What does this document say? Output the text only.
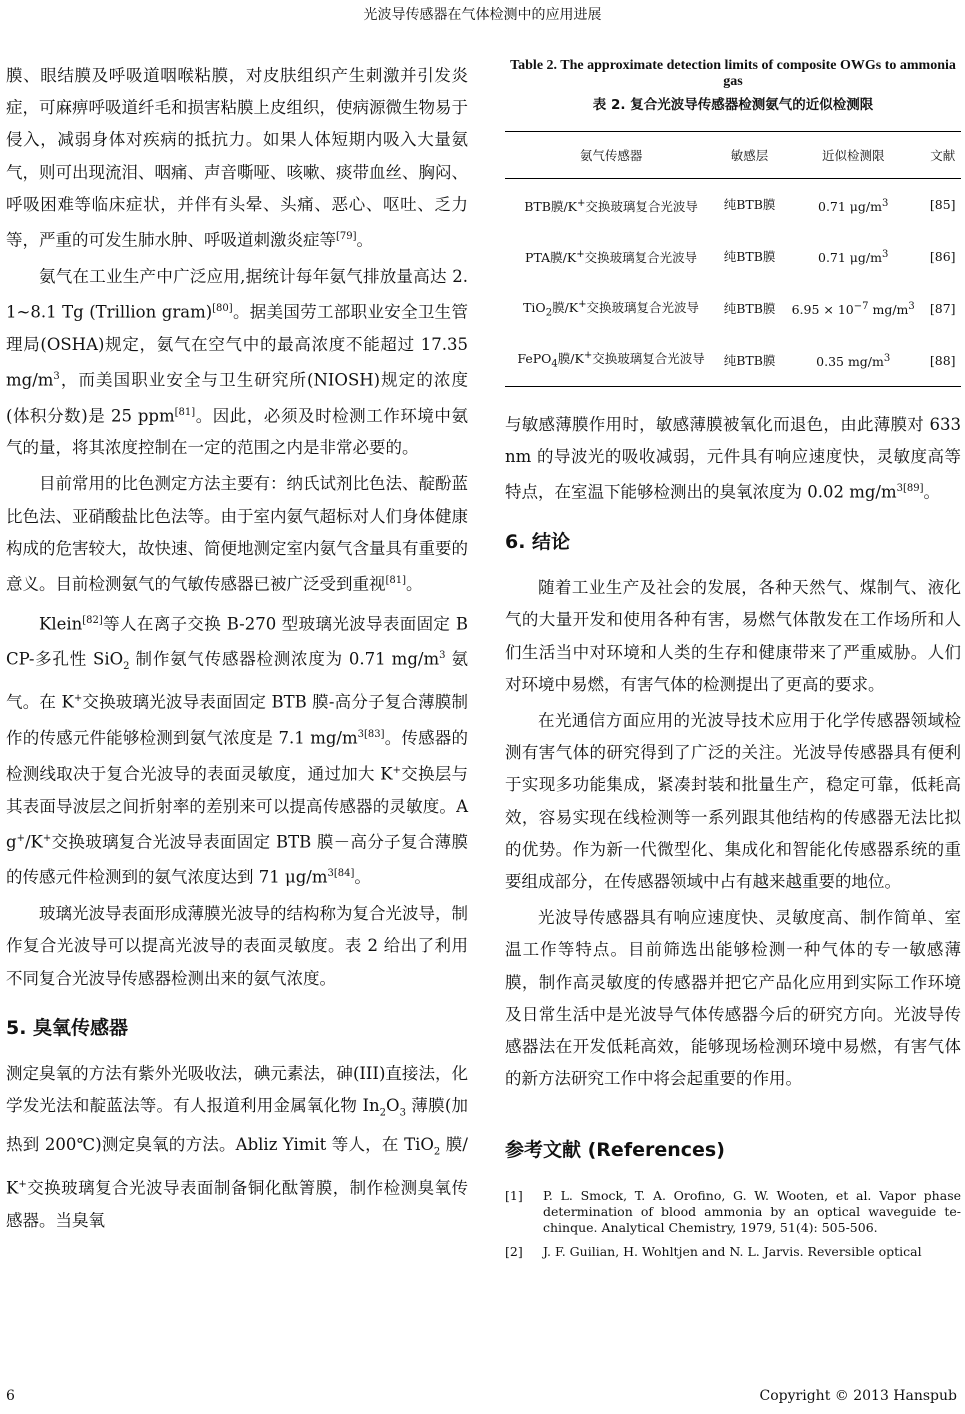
光波导传感器在气体检测中的应用进展

膜、眼结膜及呼吸道咽喉粘膜，对皮肤组织产生刺激并引发炎症，可麻痹呼吸道纤毛和损害粘膜上皮组织，使病源微生物易于侵入，减弱身体对疾病的抵抗力。如果人体短期内吸入大量氨气，则可出现流泪、咽痛、声音嘶哑、咳嗽、痰带血丝、胸闷、呼吸困难等临床症状，并伴有头晕、头痛、恶心、呕吐、乏力等，严重的可发生肺水肿、呼吸道刺激炎症等[79]。

氨气在工业生产中广泛应用,据统计每年氨气排放量高达 2.1~8.1 Tg (Trillion gram)[80]。据美国劳工部职业安全卫生管理局(OSHA)规定，氨气在空气中的最高浓度不能超过 17.35 $mg/m^3$，而美国职业安全与卫生研究所(NIOSH)规定的浓度(体积分数)是 25 ppm[81]。因此，必须及时检测工作环境中氨气的量，将其浓度控制在一定的范围之内是非常必要的。

目前常用的比色测定方法主要有：纳氏试剂比色法、靛酚蓝比色法、亚硝酸盐比色法等。由于室内氨气超标对人们身体健康构成的危害较大，故快速、简便地测定室内氨气含量具有重要的意义。目前检测氨气的气敏传感器已被广泛受到重视[81]。

Klein[82]等人在离子交换 B-270 型玻璃光波导表面固定 BCP-多孔性 SiO$_2$ 制作氨气传感器检测浓度为 0.71 $mg/m^3$ 氨气。在 K+交换玻璃光波导表面固定 BTB 膜-高分子复合薄膜制作的传感元件能够检测到氨气浓度是 7.1 $mg/m^{3[83]}$。传感器的检测线取决于复合光波导的表面灵敏度，通过加大 K+交换层与其表面导波层之间折射率的差别来可以提高传感器的灵敏度。Ag+/K+交换玻璃复合光波导表面固定 BTB 膜－高分子复合薄膜的传感元件检测到的氨气浓度达到 71 $\mu g/m^{3[84]}$。

玻璃光波导表面形成薄膜光波导的结构称为复合光波导，制作复合光波导可以提高光波导的表面灵敏度。表 2 给出了利用不同复合光波导传感器检测出来的氨气浓度。

5. 臭氧传感器

测定臭氧的方法有紫外光吸收法，碘元素法，砷(III)直接法，化学发光法和靛蓝法等。有人报道利用金属氧化物 $In_2O_3$ 薄膜(加热到 200℃)测定臭氧的方法。Abliz Yimit 等人，在 TiO$_2$ 膜/K+交换玻璃复合光波导表面制备铜化酞箐膜，制作检测臭氧传感器。当臭氧

Table 2. The approximate detection limits of composite OWGs to ammonia gas
表 2. 复合光波导传感器检测氨气的近似检测限
氨气传感器	敏感层	近似检测限	文献
BTB膜/K+交换玻璃复合光波导	纯BTB膜	0.71 $\mu g/m^3$	[85]
PTA膜/K+交换玻璃复合光波导	纯BTB膜	0.71 $\mu g/m^3$	[86]
TiO$_2$膜/K+交换玻璃复合光波导	纯BTB膜	$6.95 \times 10^{-7}$ $mg/m^3$	[87]
FePO$_4$膜/K+交换玻璃复合光波导	纯BTB膜	0.35 $mg/m^3$	[88]

与敏感薄膜作用时，敏感薄膜被氧化而退色，由此薄膜对 633 nm 的导波光的吸收减弱，元件具有响应速度快，灵敏度高等特点，在室温下能够检测出的臭氧浓度为 0.02 $mg/m^{3[89]}$。

6. 结论

随着工业生产及社会的发展，各种天然气、煤制气、液化气的大量开发和使用各种有害，易燃气体散发在工作场所和人们生活当中对环境和人类的生存和健康带来了严重威胁。人们对环境中易燃，有害气体的检测提出了更高的要求。

在光通信方面应用的光波导技术应用于化学传感器领域检测有害气体的研究得到了广泛的关注。光波导传感器具有便利于实现多功能集成，紧凑封装和批量生产，稳定可靠，低耗高效，容易实现在线检测等一系列跟其他结构的传感器无法比拟的优势。作为新一代微型化、集成化和智能化传感器系统的重要组成部分，在传感器领域中占有越来越重要的地位。

光波导传感器具有响应速度快、灵敏度高、制作简单、室温工作等特点。目前筛选出能够检测一种气体的专一敏感薄膜，制作高灵敏度的传感器并把它产品化应用到实际工作环境及日常生活中是光波导气体传感器今后的研究方向。光波导传感器法在开发低耗高效，能够现场检测环境中易燃，有害气体的新方法研究工作中将会起重要的作用。

参考文献 (References)
[1]	P. L. Smock, T. A. Orofino, G. W. Wooten, et al. Vapor phase determination of blood ammonia by an optical waveguide te-chinque. Analytical Chemistry, 1979, 51(4): 505-506.
[2]	J. F. Guilian, H. Wohltjen and N. L. Jarvis. Reversible optical
6	Copyright © 2013 Hanspub
